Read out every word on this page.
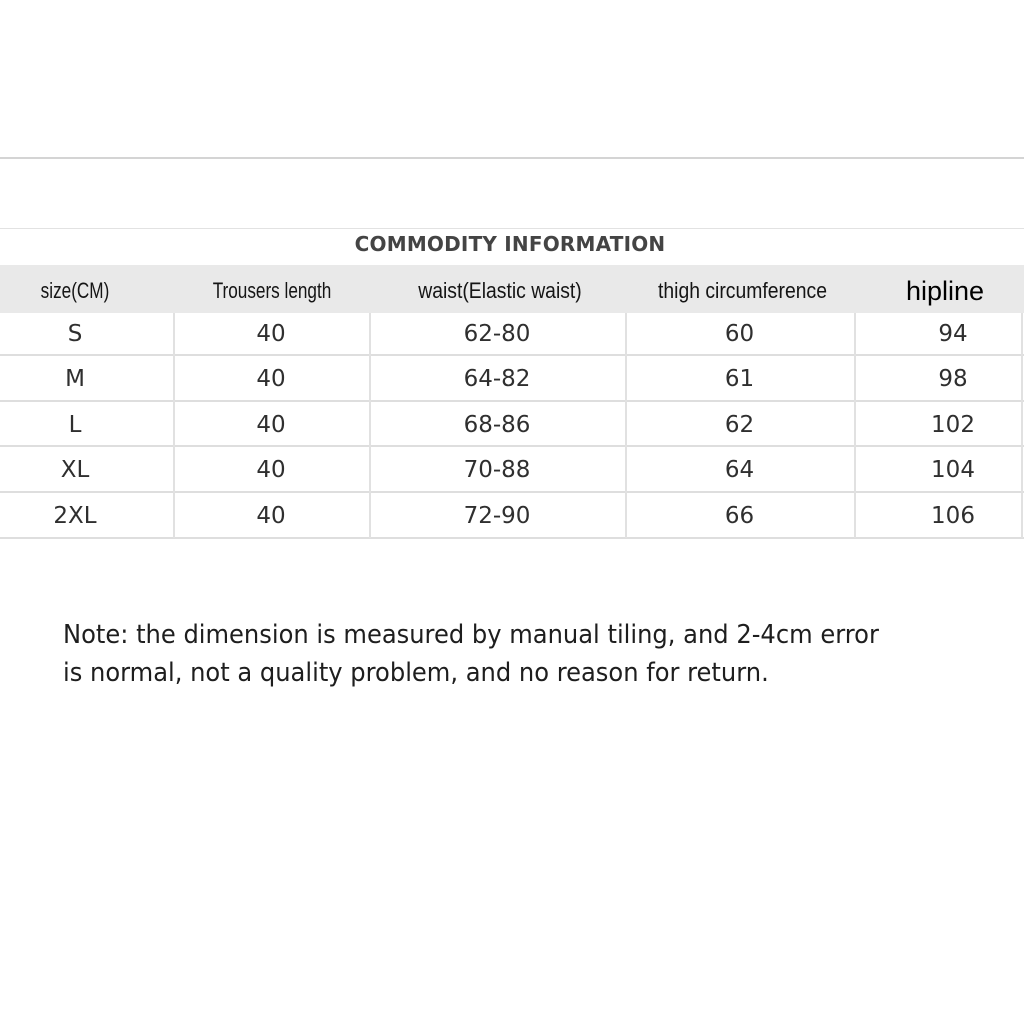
COMMODITY INFORMATION
size(CM)	Trousers length	waist(Elastic waist)	thigh circumference	hipline
S	40	62-80	60	94
M	40	64-82	61	98
L	40	68-86	62	102
XL	40	70-88	64	104
2XL	40	72-90	66	106
Note: the dimension is measured by manual tiling, and 2-4cm error is normal, not a quality problem, and no reason for return.
